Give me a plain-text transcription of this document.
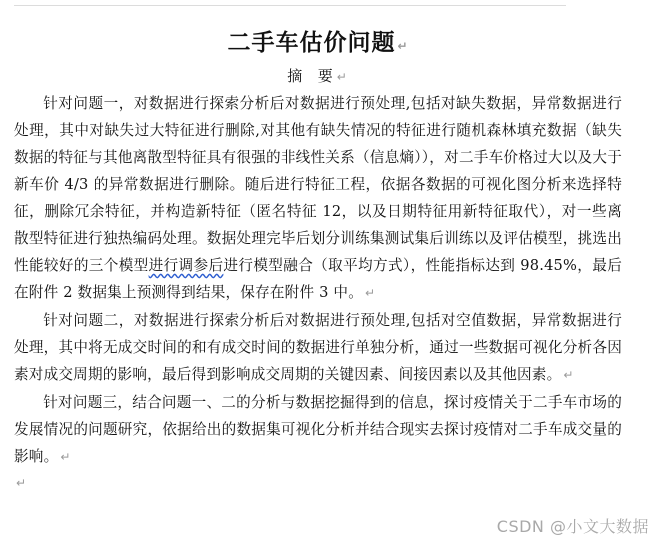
二手车估价问题 ↵
摘  要 ↵

针对问题一，对数据进行探索分析后对数据进行预处理,包括对缺失数据，异常数据进行处理，其中对缺失过大特征进行删除,对其他有缺失情况的特征进行随机森林填充数据（缺失数据的特征与其他离散型特征具有很强的非线性关系（信息熵）），对二手车价格过大以及大于新车价 4/3 的异常数据进行删除。随后进行特征工程，依据各数据的可视化图分析来选择特征，删除冗余特征，并构造新特征（匿名特征 12，以及日期特征用新特征取代），对一些离散型特征进行独热编码处理。数据处理完毕后划分训练集测试集后训练以及评估模型，挑选出性能较好的三个模型进行调参后进行模型融合（取平均方式），性能指标达到 98.45%，最后在附件 2 数据集上预测得到结果，保存在附件 3 中。 ↵

针对问题二，对数据进行探索分析后对数据进行预处理,包括对空值数据，异常数据进行处理，其中将无成交时间的和有成交时间的数据进行单独分析，通过一些数据可视化分析各因素对成交周期的影响，最后得到影响成交周期的关键因素、间接因素以及其他因素。 ↵

针对问题三，结合问题一、二的分析与数据挖掘得到的信息，探讨疫情关于二手车市场的发展情况的问题研究，依据给出的数据集可视化分析并结合现实去探讨疫情对二手车成交量的影响。 ↵

↵
CSDN @小文大数据
